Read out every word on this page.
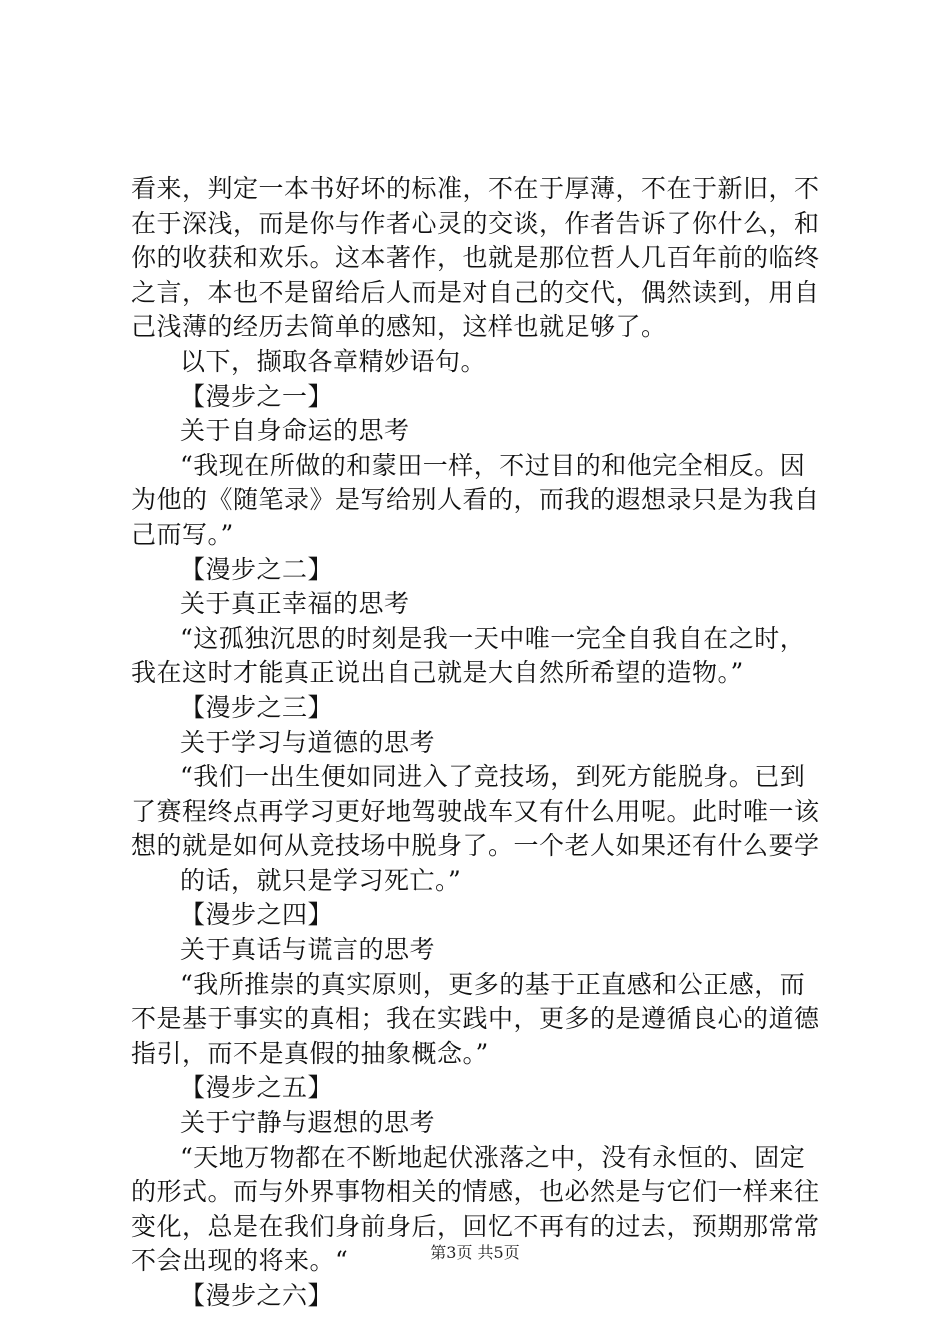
看来，判定一本书好坏的标准，不在于厚薄，不在于新旧，不
在于深浅，而是你与作者心灵的交谈，作者告诉了你什么，和
你的收获和欢乐。这本著作，也就是那位哲人几百年前的临终
之言，本也不是留给后人而是对自己的交代，偶然读到，用自
己浅薄的经历去简单的感知，这样也就足够了。
以下，撷取各章精妙语句。
【漫步之一】
关于自身命运的思考
“我现在所做的和蒙田一样，不过目的和他完全相反。因
为他的《随笔录》是写给别人看的，而我的遐想录只是为我自
己而写。”
【漫步之二】
关于真正幸福的思考
“这孤独沉思的时刻是我一天中唯一完全自我自在之时，
我在这时才能真正说出自己就是大自然所希望的造物。”
【漫步之三】
关于学习与道德的思考
“我们一出生便如同进入了竞技场，到死方能脱身。已到
了赛程终点再学习更好地驾驶战车又有什么用呢。此时唯一该
想的就是如何从竞技场中脱身了。一个老人如果还有什么要学
的话，就只是学习死亡。”
【漫步之四】
关于真话与谎言的思考
“我所推崇的真实原则，更多的基于正直感和公正感，而
不是基于事实的真相；我在实践中，更多的是遵循良心的道德
指引，而不是真假的抽象概念。”
【漫步之五】
关于宁静与遐想的思考
“天地万物都在不断地起伏涨落之中，没有永恒的、固定
的形式。而与外界事物相关的情感，也必然是与它们一样来往
变化，总是在我们身前身后，回忆不再有的过去，预期那常常
不会出现的将来。“
【漫步之六】
第3页 共5页
